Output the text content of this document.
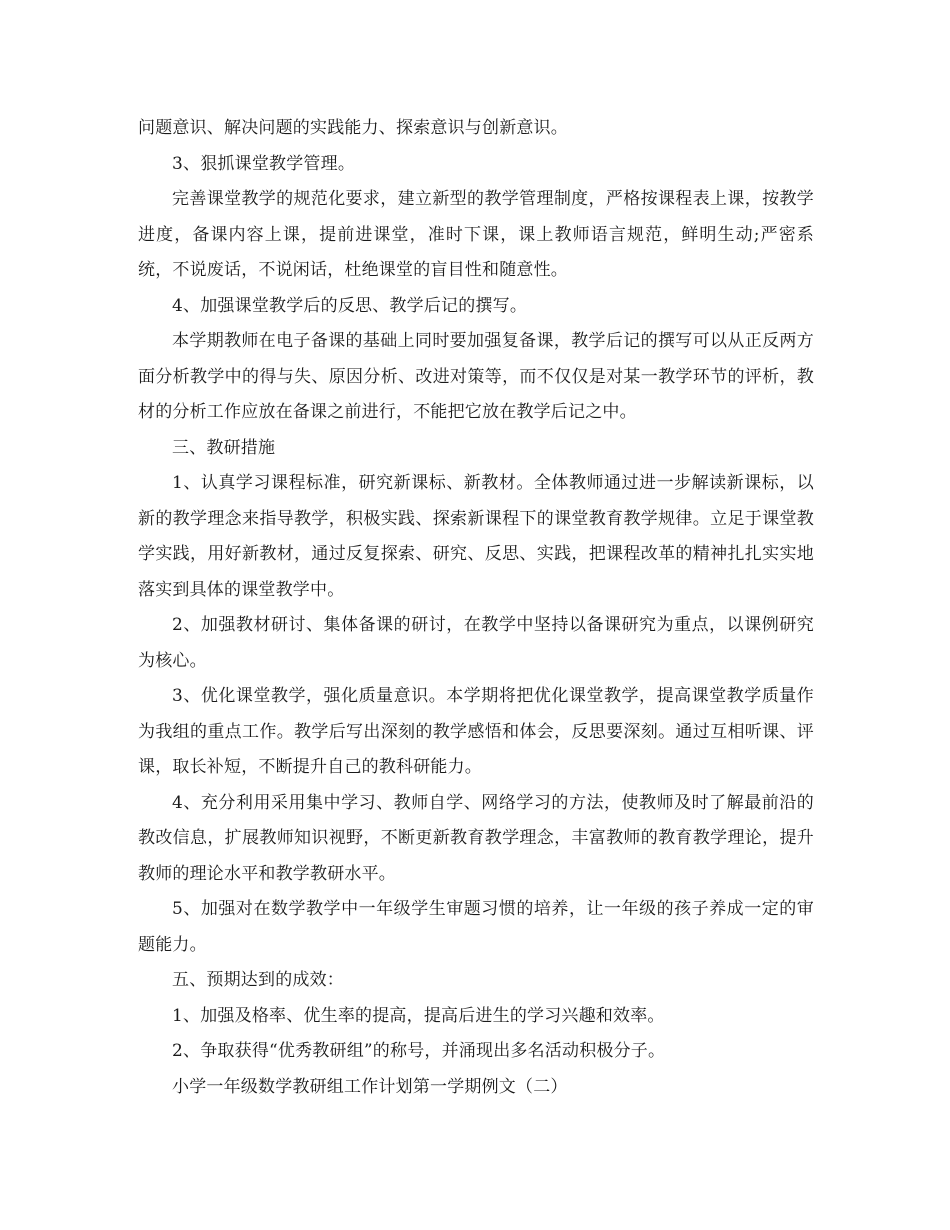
问题意识、解决问题的实践能力、探索意识与创新意识。

3、狠抓课堂教学管理。

完善课堂教学的规范化要求，建立新型的教学管理制度，严格按课程表上课，按教学进度，备课内容上课，提前进课堂，准时下课，课上教师语言规范，鲜明生动;严密系统，不说废话，不说闲话，杜绝课堂的盲目性和随意性。

4、加强课堂教学后的反思、教学后记的撰写。

本学期教师在电子备课的基础上同时要加强复备课，教学后记的撰写可以从正反两方面分析教学中的得与失、原因分析、改进对策等，而不仅仅是对某一教学环节的评析，教材的分析工作应放在备课之前进行，不能把它放在教学后记之中。

三、教研措施

1、认真学习课程标准，研究新课标、新教材。全体教师通过进一步解读新课标，以新的教学理念来指导教学，积极实践、探索新课程下的课堂教育教学规律。立足于课堂教学实践，用好新教材，通过反复探索、研究、反思、实践，把课程改革的精神扎扎实实地落实到具体的课堂教学中。

2、加强教材研讨、集体备课的研讨，在教学中坚持以备课研究为重点，以课例研究为核心。

3、优化课堂教学，强化质量意识。本学期将把优化课堂教学，提高课堂教学质量作为我组的重点工作。教学后写出深刻的教学感悟和体会，反思要深刻。通过互相听课、评课，取长补短，不断提升自己的教科研能力。

4、充分利用采用集中学习、教师自学、网络学习的方法，使教师及时了解最前沿的教改信息，扩展教师知识视野，不断更新教育教学理念，丰富教师的教育教学理论，提升教师的理论水平和教学教研水平。

5、加强对在数学教学中一年级学生审题习惯的培养，让一年级的孩子养成一定的审题能力。

五、预期达到的成效：

1、加强及格率、优生率的提高，提高后进生的学习兴趣和效率。

2、争取获得“优秀教研组”的称号，并涌现出多名活动积极分子。

小学一年级数学教研组工作计划第一学期例文（二）
